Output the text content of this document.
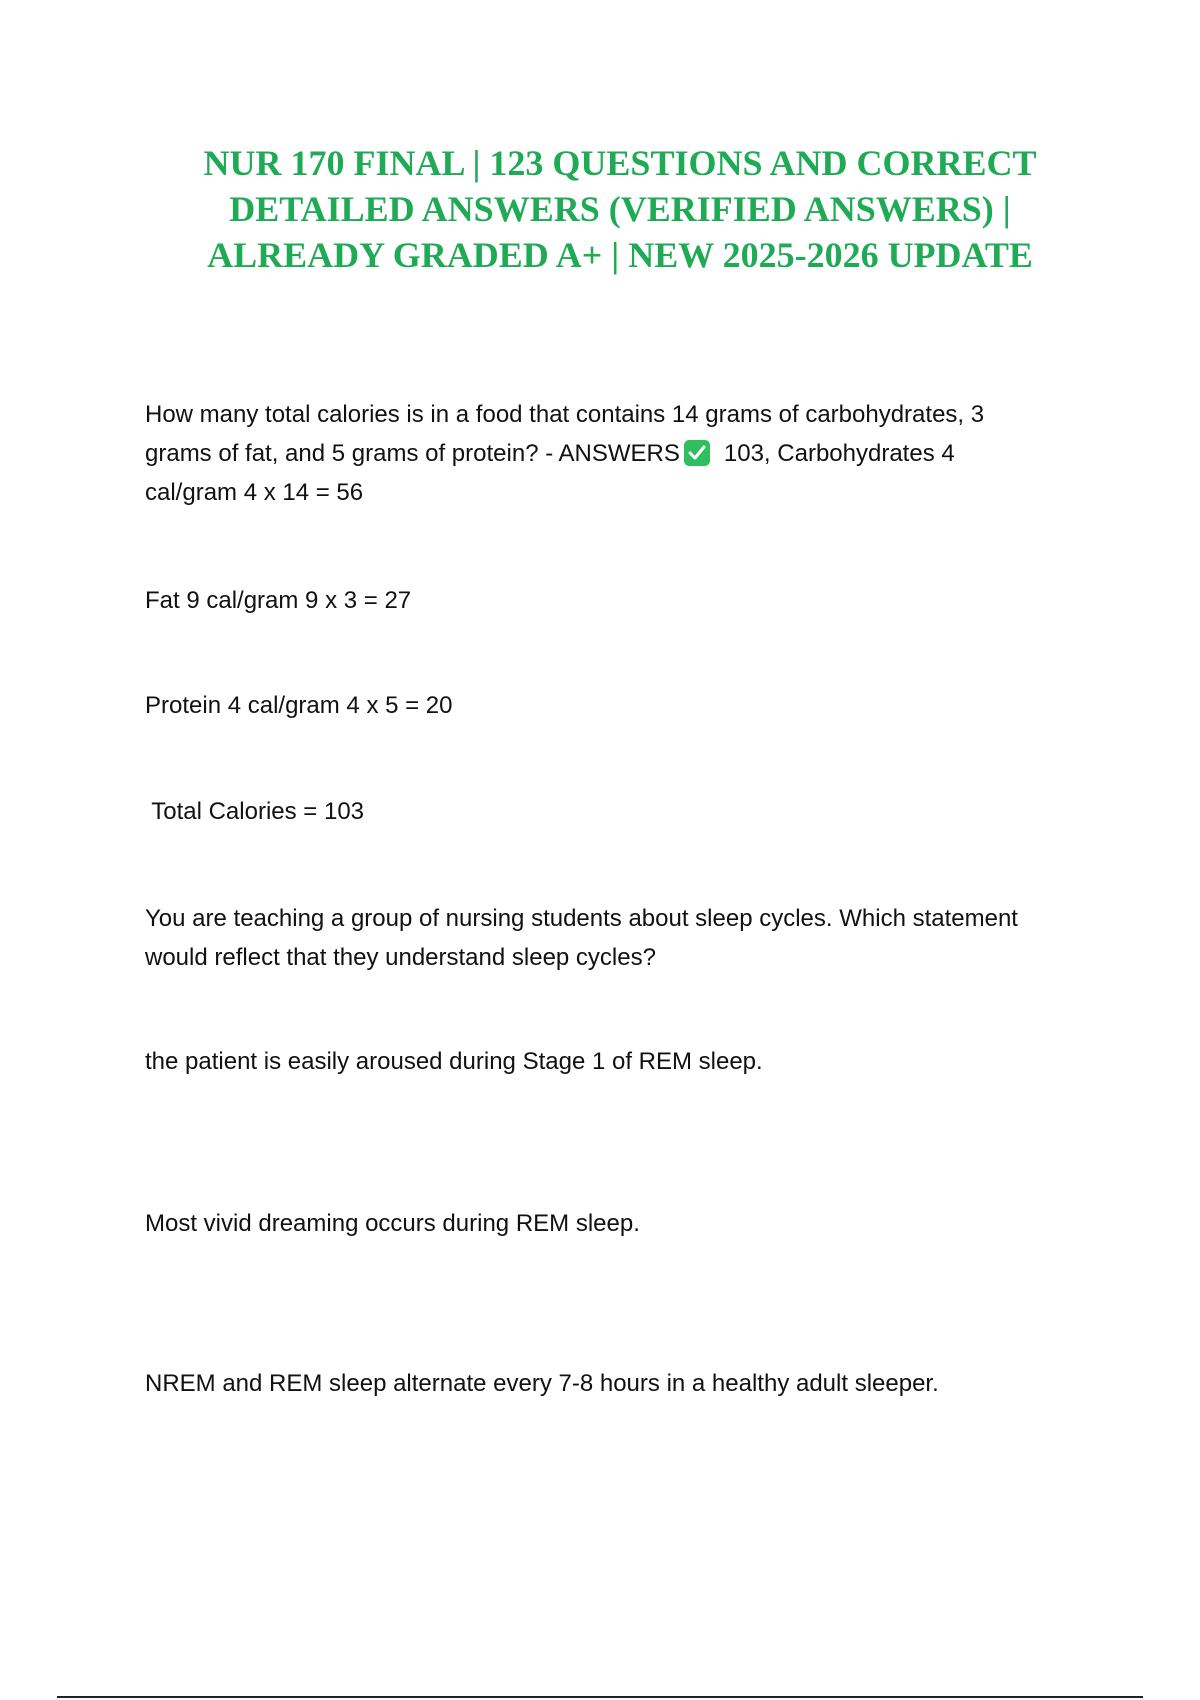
NUR 170 FINAL | 123 QUESTIONS AND CORRECT
DETAILED ANSWERS (VERIFIED ANSWERS) |
ALREADY GRADED A+ | NEW 2025-2026 UPDATE
How many total calories is in a food that contains 14 grams of carbohydrates, 3
grams of fat, and 5 grams of protein? - ANSWERS 103, Carbohydrates 4
cal/gram 4 x 14 = 56
Fat 9 cal/gram 9 x 3 = 27
Protein 4 cal/gram 4 x 5 = 20
Total Calories = 103
You are teaching a group of nursing students about sleep cycles. Which statement
would reflect that they understand sleep cycles?
the patient is easily aroused during Stage 1 of REM sleep.
Most vivid dreaming occurs during REM sleep.
NREM and REM sleep alternate every 7-8 hours in a healthy adult sleeper.
